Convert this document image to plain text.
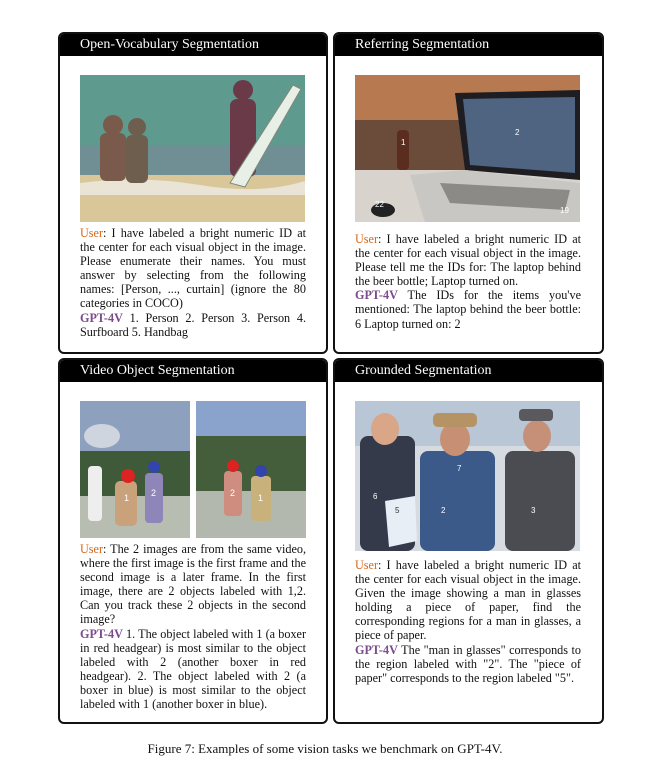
Open-Vocabulary Segmentation

User: I have labeled a bright numeric ID at the center for each visual object in the image. Please enumerate their names. You must answer by selecting from the following names: [Person, ..., curtain] (ignore the 80 categories in COCO)

GPT-4V 1. Person 2. Person 3. Person 4. Surfboard 5. Handbag

Referring Segmentation
1
2
22
19

User: I have labeled a bright numeric ID at the center for each visual object in the image. Please tell me the IDs for: The laptop behind the beer bottle; Laptop turned on.

GPT-4V The IDs for the items you've mentioned: The laptop behind the beer bottle: 6 Laptop turned on: 2

Video Object Segmentation
1 2	1
2

User: The 2 images are from the same video, where the first image is the first frame and the second image is a later frame. In the first image, there are 2 objects labeled with 1,2. Can you track these 2 objects in the second image?

GPT-4V 1. The object labeled with 1 (a boxer in red headgear) is most similar to the object labeled with 2 (another boxer in red headgear). 2. The object labeled with 2 (a boxer in blue) is most similar to the object labeled with 1 (another boxer in blue).

Grounded Segmentation
6
7
2	3
5

User: I have labeled a bright numeric ID at the center for each visual object in the image. Given the image showing a man in glasses holding a piece of paper, find the corresponding regions for a man in glasses, a piece of paper.

GPT-4V The "man in glasses" corresponds to the region labeled with "2". The "piece of paper" corresponds to the region labeled "5".

Figure 7: Examples of some vision tasks we benchmark on GPT-4V.
